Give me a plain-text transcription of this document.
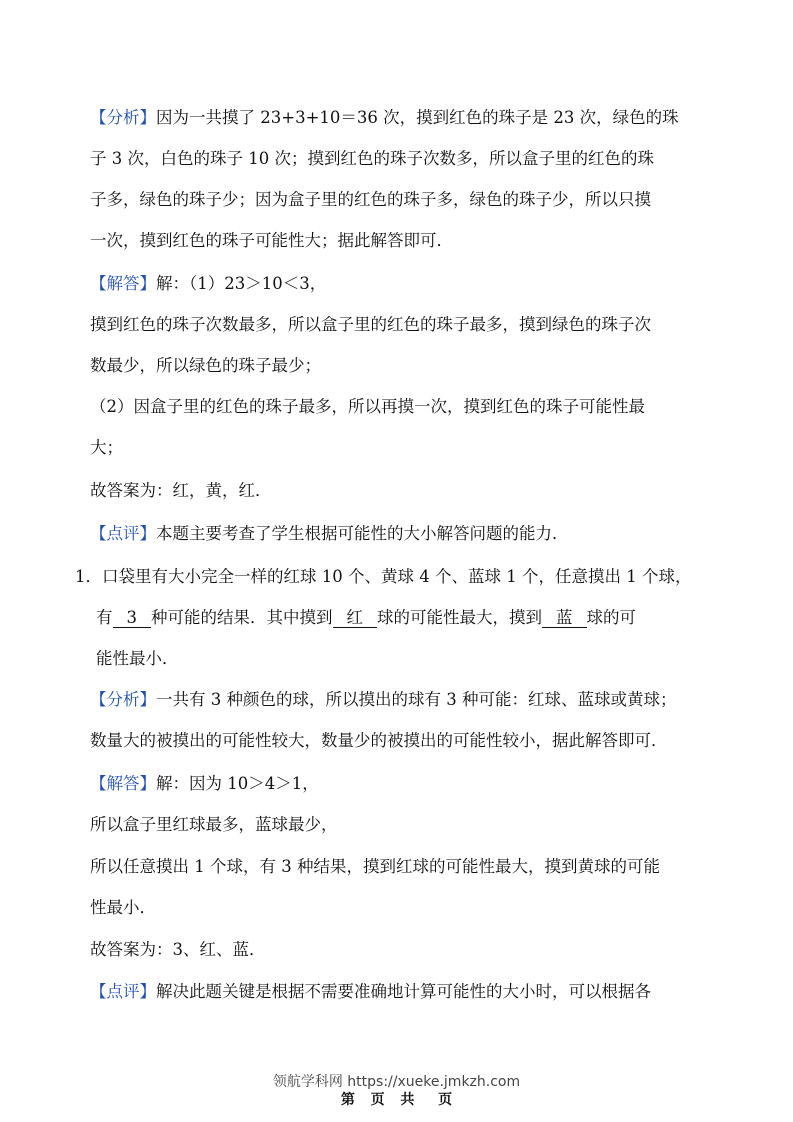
【分析】因为一共摸了 23+3+10＝36 次，摸到红色的珠子是 23 次，绿色的珠
子 3 次，白色的珠子 10 次；摸到红色的珠子次数多，所以盒子里的红色的珠
子多，绿色的珠子少；因为盒子里的红色的珠子多，绿色的珠子少，所以只摸
一次，摸到红色的珠子可能性大；据此解答即可．
【解答】解：（1）23＞10＜3，
摸到红色的珠子次数最多，所以盒子里的红色的珠子最多，摸到绿色的珠子次
数最少，所以绿色的珠子最少；
（2）因盒子里的红色的珠子最多，所以再摸一次，摸到红色的珠子可能性最
大；
故答案为：红，黄，红．
【点评】本题主要考查了学生根据可能性的大小解答问题的能力．
1．口袋里有大小完全一样的红球 10 个、黄球 4 个、蓝球 1 个，任意摸出 1 个球，
有 3 种可能的结果．其中摸到 红 球的可能性最大，摸到 蓝 球的可
能性最小．
【分析】一共有 3 种颜色的球，所以摸出的球有 3 种可能：红球、蓝球或黄球；
数量大的被摸出的可能性较大，数量少的被摸出的可能性较小，据此解答即可．
【解答】解：因为 10＞4＞1，
所以盒子里红球最多，蓝球最少，
所以任意摸出 1 个球，有 3 种结果，摸到红球的可能性最大，摸到黄球的可能
性最小．
故答案为：3、红、蓝．
【点评】解决此题关键是根据不需要准确地计算可能性的大小时，可以根据各
领航学科网 https://xueke.jmkzh.com
第 页 共 页
